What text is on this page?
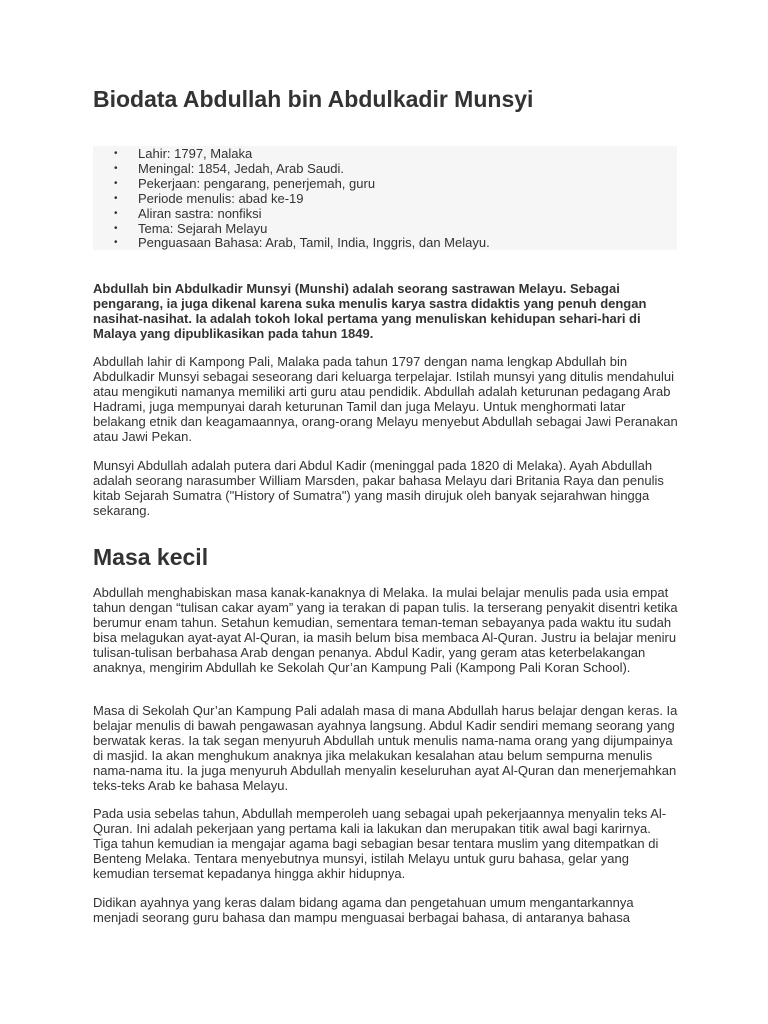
Biodata Abdullah bin Abdulkadir Munsyi
• Lahir: 1797, Malaka
• Meningal: 1854, Jedah, Arab Saudi.
• Pekerjaan: pengarang, penerjemah, guru
• Periode menulis: abad ke-19
• Aliran sastra: nonfiksi
• Tema: Sejarah Melayu
• Penguasaan Bahasa: Arab, Tamil, India, Inggris, dan Melayu.

Abdullah bin Abdulkadir Munsyi (Munshi) adalah seorang sastrawan Melayu. Sebagai pengarang, ia juga dikenal karena suka menulis karya sastra didaktis yang penuh dengan nasihat-nasihat. Ia adalah tokoh lokal pertama yang menuliskan kehidupan sehari-hari di Malaya yang dipublikasikan pada tahun 1849.

Abdullah lahir di Kampong Pali, Malaka pada tahun 1797 dengan nama lengkap Abdullah bin Abdulkadir Munsyi sebagai seseorang dari keluarga terpelajar. Istilah munsyi yang ditulis mendahului atau mengikuti namanya memiliki arti guru atau pendidik. Abdullah adalah keturunan pedagang Arab Hadrami, juga mempunyai darah keturunan Tamil dan juga Melayu. Untuk menghormati latar belakang etnik dan keagamaannya, orang-orang Melayu menyebut Abdullah sebagai Jawi Peranakan atau Jawi Pekan.

Munsyi Abdullah adalah putera dari Abdul Kadir (meninggal pada 1820 di Melaka). Ayah Abdullah adalah seorang narasumber William Marsden, pakar bahasa Melayu dari Britania Raya dan penulis kitab Sejarah Sumatra ("History of Sumatra") yang masih dirujuk oleh banyak sejarahwan hingga sekarang.

Masa kecil

Abdullah menghabiskan masa kanak-kanaknya di Melaka. Ia mulai belajar menulis pada usia empat tahun dengan “tulisan cakar ayam” yang ia terakan di papan tulis. Ia terserang penyakit disentri ketika berumur enam tahun. Setahun kemudian, sementara teman-teman sebayanya pada waktu itu sudah bisa melagukan ayat-ayat Al-Quran, ia masih belum bisa membaca Al-Quran. Justru ia belajar meniru tulisan-tulisan berbahasa Arab dengan penanya. Abdul Kadir, yang geram atas keterbelakangan anaknya, mengirim Abdullah ke Sekolah Qur’an Kampung Pali (Kampong Pali Koran School).

Masa di Sekolah Qur’an Kampung Pali adalah masa di mana Abdullah harus belajar dengan keras. Ia belajar menulis di bawah pengawasan ayahnya langsung. Abdul Kadir sendiri memang seorang yang berwatak keras. Ia tak segan menyuruh Abdullah untuk menulis nama-nama orang yang dijumpainya di masjid. Ia akan menghukum anaknya jika melakukan kesalahan atau belum sempurna menulis nama-nama itu. Ia juga menyuruh Abdullah menyalin keseluruhan ayat Al-Quran dan menerjemahkan teks-teks Arab ke bahasa Melayu.

Pada usia sebelas tahun, Abdullah memperoleh uang sebagai upah pekerjaannya menyalin teks Al-Quran. Ini adalah pekerjaan yang pertama kali ia lakukan dan merupakan titik awal bagi karirnya. Tiga tahun kemudian ia mengajar agama bagi sebagian besar tentara muslim yang ditempatkan di Benteng Melaka. Tentara menyebutnya munsyi, istilah Melayu untuk guru bahasa, gelar yang kemudian tersemat kepadanya hingga akhir hidupnya.

Didikan ayahnya yang keras dalam bidang agama dan pengetahuan umum mengantarkannya menjadi seorang guru bahasa dan mampu menguasai berbagai bahasa, di antaranya bahasa
